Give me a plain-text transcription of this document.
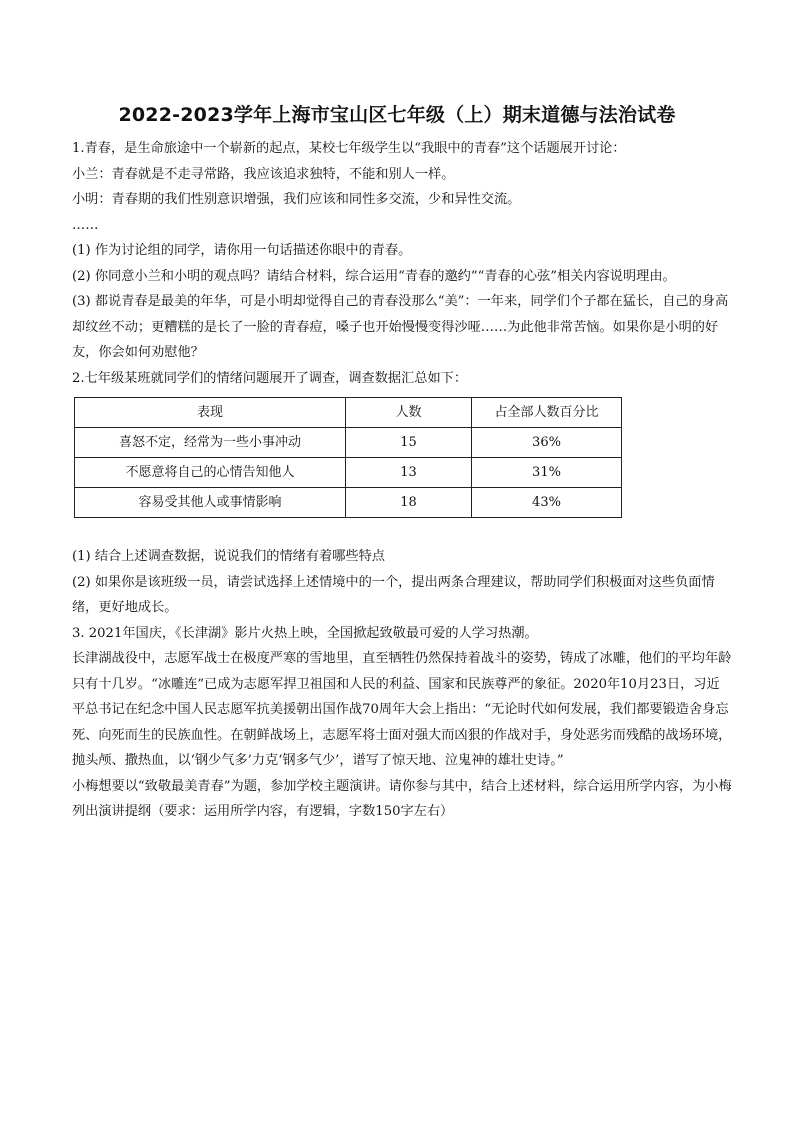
2022-2023学年上海市宝山区七年级（上）期末道德与法治试卷

1.青春，是生命旅途中一个崭新的起点，某校七年级学生以“我眼中的青春”这个话题展开讨论：

小兰：青春就是不走寻常路，我应该追求独特，不能和别人一样。

小明：青春期的我们性别意识增强，我们应该和同性多交流，少和异性交流。

……

(1) 作为讨论组的同学，请你用一句话描述你眼中的青春。

(2) 你同意小兰和小明的观点吗？请结合材料，综合运用“青春的邀约”“青春的心弦”相关内容说明理由。

(3) 都说青春是最美的年华，可是小明却觉得自己的青春没那么“美”：一年来，同学们个子都在猛长，自己的身高却纹丝不动；更糟糕的是长了一脸的青春痘，嗓子也开始慢慢变得沙哑……为此他非常苦恼。如果你是小明的好友，你会如何劝慰他？

2.七年级某班就同学们的情绪问题展开了调查，调查数据汇总如下：

表现	人数	占全部人数百分比
喜怒不定，经常为一些小事冲动	15	36%
不愿意将自己的心情告知他人	13	31%
容易受其他人或事情影响	18	43%

(1) 结合上述调查数据，说说我们的情绪有着哪些特点

(2) 如果你是该班级一员，请尝试选择上述情境中的一个，提出两条合理建议，帮助同学们积极面对这些负面情绪，更好地成长。

3. 2021年国庆，《长津湖》影片火热上映，全国掀起致敬最可爱的人学习热潮。

长津湖战役中，志愿军战士在极度严寒的雪地里，直至牺牲仍然保持着战斗的姿势，铸成了冰雕，他们的平均年龄只有十几岁。“冰雕连”已成为志愿军捍卫祖国和人民的利益、国家和民族尊严的象征。2020年10月23日，习近平总书记在纪念中国人民志愿军抗美援朝出国作战70周年大会上指出：“无论时代如何发展，我们都要锻造舍身忘死、向死而生的民族血性。在朝鲜战场上，志愿军将士面对强大而凶狠的作战对手，身处恶劣而残酷的战场环境，抛头颅、撒热血，以‘钢少气多’力克‘钢多气少’，谱写了惊天地、泣鬼神的雄壮史诗。”

小梅想要以“致敬最美青春”为题，参加学校主题演讲。请你参与其中，结合上述材料，综合运用所学内容，为小梅列出演讲提纲（要求：运用所学内容，有逻辑，字数150字左右）
